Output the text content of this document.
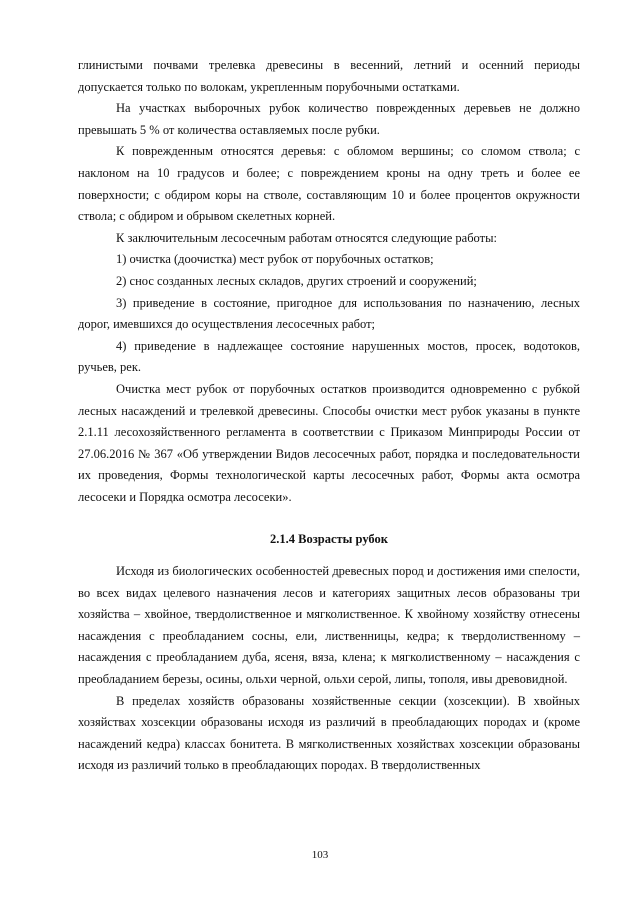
глинистыми почвами трелевка древесины в весенний, летний и осенний периоды допускается только по волокам, укрепленным порубочными остатками.

На участках выборочных рубок количество поврежденных деревьев не должно превышать 5 % от количества оставляемых после рубки.

К поврежденным относятся деревья: с обломом вершины; со сломом ствола; с наклоном на 10 градусов и более; с повреждением кроны на одну треть и более ее поверхности; с обдиром коры на стволе, составляющим 10 и более процентов окружности ствола; с обдиром и обрывом скелетных корней.

К заключительным лесосечным работам относятся следующие работы:

1) очистка (доочистка) мест рубок от порубочных остатков;

2) снос созданных лесных складов, других строений и сооружений;

3) приведение в состояние, пригодное для использования по назначению, лесных дорог, имевшихся до осуществления лесосечных работ;

4) приведение в надлежащее состояние нарушенных мостов, просек, водотоков, ручьев, рек.

Очистка мест рубок от порубочных остатков производится одновременно с рубкой лесных насаждений и трелевкой древесины. Способы очистки мест рубок указаны в пункте 2.1.11 лесохозяйственного регламента в соответствии с Приказом Минприроды России от 27.06.2016 № 367 «Об утверждении Видов лесосечных работ, порядка и последовательности их проведения, Формы технологической карты лесосечных работ, Формы акта осмотра лесосеки и Порядка осмотра лесосеки».

2.1.4 Возрасты рубок

Исходя из биологических особенностей древесных пород и достижения ими спелости, во всех видах целевого назначения лесов и категориях защитных лесов образованы три хозяйства – хвойное, твердолиственное и мягколиственное. К хвойному хозяйству отнесены насаждения с преобладанием сосны, ели, лиственницы, кедра; к твердолиственному – насаждения с преобладанием дуба, ясеня, вяза, клена; к мягколиственному – насаждения с преобладанием березы, осины, ольхи черной, ольхи серой, липы, тополя, ивы древовидной.

В пределах хозяйств образованы хозяйственные секции (хозсекции). В хвойных хозяйствах хозсекции образованы исходя из различий в преобладающих породах и (кроме насаждений кедра) классах бонитета. В мягколиственных хозяйствах хозсекции образованы исходя из различий только в преобладающих породах. В твердолиственных

103
